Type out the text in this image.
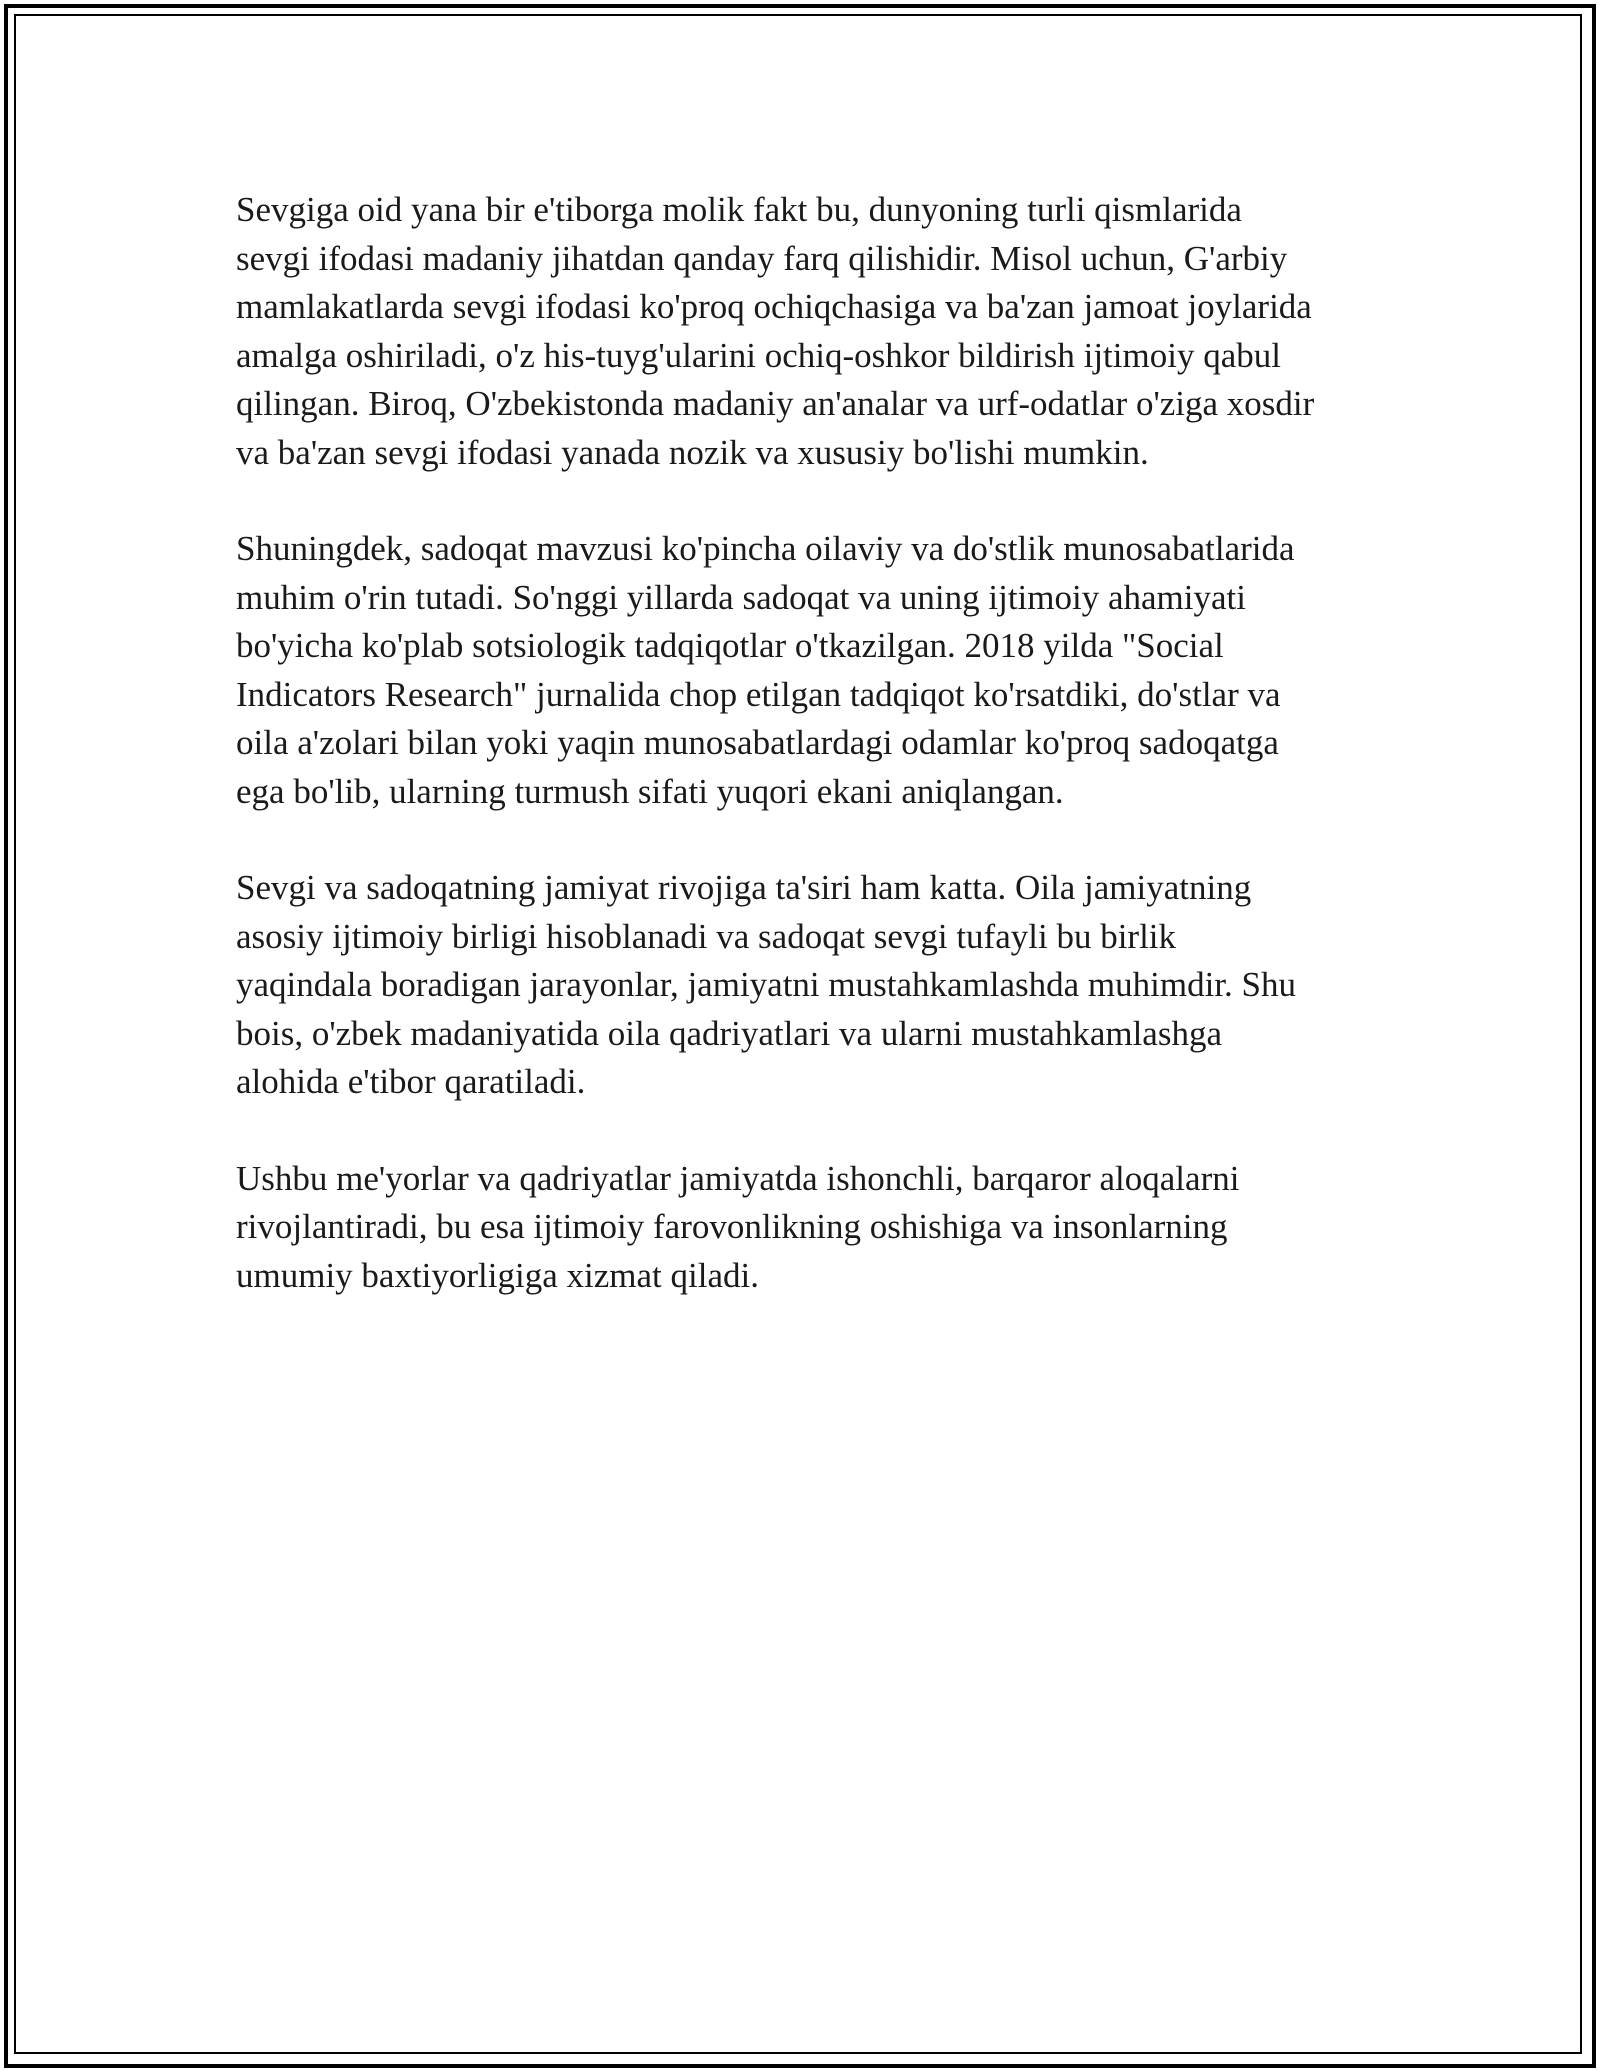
Sevgiga oid yana bir e'tiborga molik fakt bu, dunyoning turli qismlarida
sevgi ifodasi madaniy jihatdan qanday farq qilishidir. Misol uchun, G'arbiy
mamlakatlarda sevgi ifodasi ko'proq ochiqchasiga va ba'zan jamoat joylarida
amalga oshiriladi, o'z his-tuyg'ularini ochiq-oshkor bildirish ijtimoiy qabul
qilingan. Biroq, O'zbekistonda madaniy an'analar va urf-odatlar o'ziga xosdir
va ba'zan sevgi ifodasi yanada nozik va xususiy bo'lishi mumkin.

Shuningdek, sadoqat mavzusi ko'pincha oilaviy va do'stlik munosabatlarida
muhim o'rin tutadi. So'nggi yillarda sadoqat va uning ijtimoiy ahamiyati
bo'yicha ko'plab sotsiologik tadqiqotlar o'tkazilgan. 2018 yilda "Social
Indicators Research" jurnalida chop etilgan tadqiqot ko'rsatdiki, do'stlar va
oila a'zolari bilan yoki yaqin munosabatlardagi odamlar ko'proq sadoqatga
ega bo'lib, ularning turmush sifati yuqori ekani aniqlangan.

Sevgi va sadoqatning jamiyat rivojiga ta'siri ham katta. Oila jamiyatning
asosiy ijtimoiy birligi hisoblanadi va sadoqat sevgi tufayli bu birlik
yaqindala boradigan jarayonlar, jamiyatni mustahkamlashda muhimdir. Shu
bois, o'zbek madaniyatida oila qadriyatlari va ularni mustahkamlashga
alohida e'tibor qaratiladi.

Ushbu me'yorlar va qadriyatlar jamiyatda ishonchli, barqaror aloqalarni
rivojlantiradi, bu esa ijtimoiy farovonlikning oshishiga va insonlarning
umumiy baxtiyorligiga xizmat qiladi.
